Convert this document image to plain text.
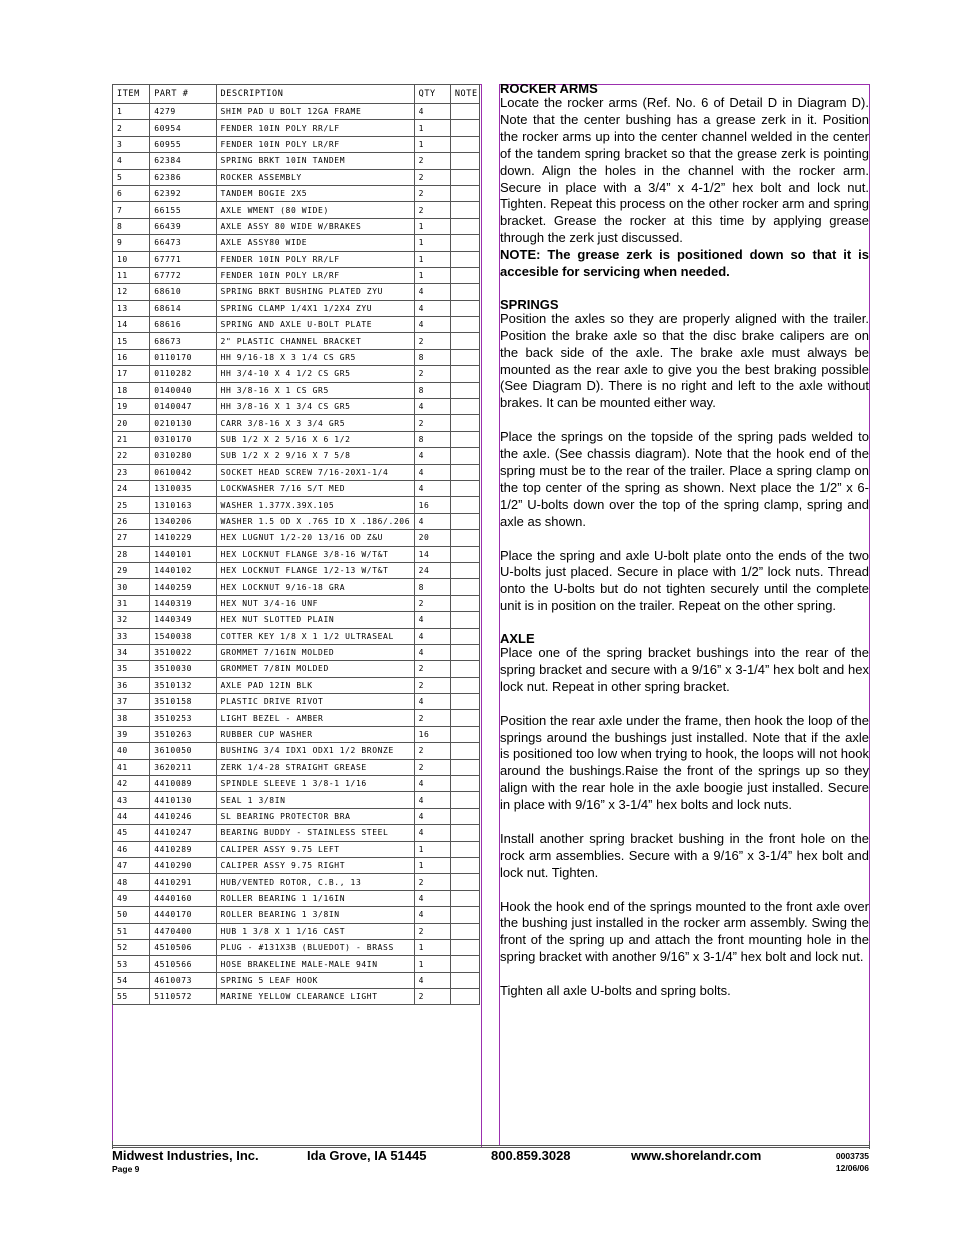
ITEM	PART #	DESCRIPTION	QTY	NOTE
1	4279	SHIM PAD U BOLT 12GA FRAME	4	
2	60954	FENDER 10IN POLY RR/LF	1	
3	60955	FENDER 10IN POLY LR/RF	1	
4	62384	SPRING BRKT 10IN TANDEM	2	
5	62386	ROCKER ASSEMBLY	2	
6	62392	TANDEM BOGIE 2X5	2	
7	66155	AXLE WMENT (80 WIDE)	2	
8	66439	AXLE ASSY 80 WIDE W/BRAKES	1	
9	66473	AXLE ASSY80 WIDE	1	
10	67771	FENDER 10IN POLY RR/LF	1	
11	67772	FENDER 10IN POLY LR/RF	1	
12	68610	SPRING BRKT BUSHING PLATED ZYU	4	
13	68614	SPRING CLAMP 1/4X1 1/2X4 ZYU	4	
14	68616	SPRING AND AXLE U-BOLT PLATE	4	
15	68673	2" PLASTIC CHANNEL BRACKET	2	
16	0110170	HH 9/16-18 X 3 1/4 CS GR5	8	
17	0110282	HH 3/4-10 X 4 1/2 CS GR5	2	
18	0140040	HH 3/8-16 X 1 CS GR5	8	
19	0140047	HH 3/8-16 X 1 3/4 CS GR5	4	
20	0210130	CARR 3/8-16 X 3 3/4 GR5	2	
21	0310170	SUB 1/2 X 2 5/16 X 6 1/2	8	
22	0310280	SUB 1/2 X 2 9/16 X 7 5/8	4	
23	0610042	SOCKET HEAD SCREW 7/16-20X1-1/4	4	
24	1310035	LOCKWASHER 7/16 S/T MED	4	
25	1310163	WASHER 1.377X.39X.105	16	
26	1340206	WASHER 1.5 OD X .765 ID X .186/.206	4	
27	1410229	HEX LUGNUT 1/2-20 13/16 OD Z&U	20	
28	1440101	HEX LOCKNUT FLANGE 3/8-16 W/T&T	14	
29	1440102	HEX LOCKNUT FLANGE 1/2-13 W/T&T	24	
30	1440259	HEX LOCKNUT 9/16-18 GRA	8	
31	1440319	HEX NUT 3/4-16 UNF	2	
32	1440349	HEX NUT SLOTTED PLAIN	4	
33	1540038	COTTER KEY 1/8 X 1 1/2 ULTRASEAL	4	
34	3510022	GROMMET 7/16IN MOLDED	4	
35	3510030	GROMMET 7/8IN MOLDED	2	
36	3510132	AXLE PAD 12IN BLK	2	
37	3510158	PLASTIC DRIVE RIVOT	4	
38	3510253	LIGHT BEZEL - AMBER	2	
39	3510263	RUBBER CUP WASHER	16	
40	3610050	BUSHING 3/4 IDX1 ODX1 1/2 BRONZE	2	
41	3620211	ZERK 1/4-28 STRAIGHT GREASE	2	
42	4410089	SPINDLE SLEEVE 1 3/8-1 1/16	4	
43	4410130	SEAL 1 3/8IN	4	
44	4410246	SL BEARING PROTECTOR BRA	4	
45	4410247	BEARING BUDDY - STAINLESS STEEL	4	
46	4410289	CALIPER ASSY 9.75 LEFT	1	
47	4410290	CALIPER ASSY 9.75 RIGHT	1	
48	4410291	HUB/VENTED ROTOR, C.B., 13	2	
49	4440160	ROLLER BEARING 1 1/16IN	4	
50	4440170	ROLLER BEARING 1 3/8IN	4	
51	4470400	HUB 1 3/8 X 1 1/16 CAST	2	
52	4510506	PLUG - #131X3B (BLUEDOT) - BRASS	1	
53	4510566	HOSE BRAKELINE MALE-MALE 94IN	1	
54	4610073	SPRING 5 LEAF HOOK	4	
55	5110572	MARINE YELLOW CLEARANCE LIGHT	2	
ROCKER ARMS

Locate the rocker arms (Ref. No. 6 of Detail D in Diagram D). Note that the center bushing has a grease zerk in it. Position the rocker arms up into the center channel welded in the center of the tandem spring bracket so that the grease zerk is pointing down. Align the holes in the channel with the rocker arm. Secure in place with a 3/4” x 4-1/2” hex bolt and lock nut. Tighten. Repeat this process on the other rocker arm and spring bracket. Grease the rocker at this time by applying grease through the zerk just discussed.

NOTE: The grease zerk is positioned down so that it is accesible for servicing when needed.

SPRINGS

Position the axles so they are properly aligned with the trailer. Position the brake axle so that the disc brake calipers are on the back side of the axle. The brake axle must always be mounted as the rear axle to give you the best braking possible (See Diagram D). There is no right and left to the axle without brakes. It can be mounted either way.

Place the springs on the topside of the spring pads welded to the axle. (See chassis diagram). Note that the hook end of the spring must be to the rear of the trailer. Place a spring clamp on the top center of the spring as shown. Next place the 1/2” x 6-1/2” U-bolts down over the top of the spring clamp, spring and axle as shown.

Place the spring and axle U-bolt plate onto the ends of the two U-bolts just placed. Secure in place with 1/2” lock nuts. Thread onto the U-bolts but do not tighten securely until the complete unit is in position on the trailer. Repeat on the other spring.

AXLE

Place one of the spring bracket bushings into the rear of the spring bracket and secure with a 9/16” x 3-1/4” hex bolt and hex lock nut. Repeat in other spring bracket.

Position the rear axle under the frame, then hook the loop of the springs around the bushings just installed. Note that if the axle is positioned too low when trying to hook, the loops will not hook around the bushings.Raise the front of the springs up so they align with the rear hole in the axle boogie just installed. Secure in place with 9/16” x 3-1/4” hex bolts and lock nuts.

Install another spring bracket bushing in the front hole on the rock arm assemblies. Secure with a 9/16” x 3-1/4” hex bolt and lock nut. Tighten.

Hook the hook end of the springs mounted to the front axle over the bushing just installed in the rocker arm assembly. Swing the front of the spring up and attach the front mounting hole in the spring bracket with another 9/16” x 3-1/4” hex bolt and lock nut.

Tighten all axle U-bolts and spring bolts.

Midwest Industries, Inc.	Ida Grove, IA 51445	800.859.3028	www.shorelandr.com
Page 9
0003735
12/06/06
